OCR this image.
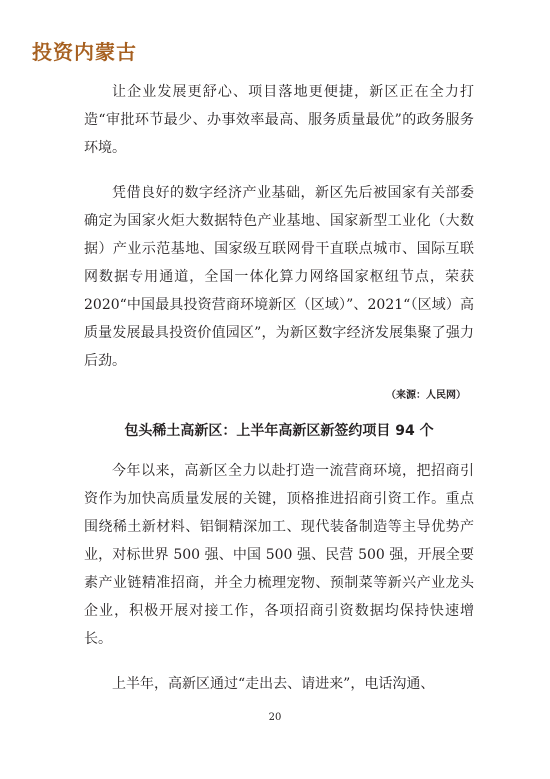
投资内蒙古

让企业发展更舒心、项目落地更便捷，新区正在全力打造“审批环节最少、办事效率最高、服务质量最优”的政务服务环境。

凭借良好的数字经济产业基础，新区先后被国家有关部委确定为国家火炬大数据特色产业基地、国家新型工业化（大数据）产业示范基地、国家级互联网骨干直联点城市、国际互联网数据专用通道，全国一体化算力网络国家枢纽节点，荣获 2020“中国最具投资营商环境新区（区域）”、2021“（区域）高质量发展最具投资价值园区”，为新区数字经济发展集聚了强力后劲。

（来源：人民网）
包头稀土高新区：上半年高新区新签约项目 94 个

今年以来，高新区全力以赴打造一流营商环境，把招商引资作为加快高质量发展的关键，顶格推进招商引资工作。重点围绕稀土新材料、铝铜精深加工、现代装备制造等主导优势产业，对标世界 500 强、中国 500 强、民营 500 强，开展全要素产业链精准招商，并全力梳理宠物、预制菜等新兴产业龙头企业，积极开展对接工作，各项招商引资数据均保持快速增长。

上半年，高新区通过“走出去、请进来”，电话沟通、

20
